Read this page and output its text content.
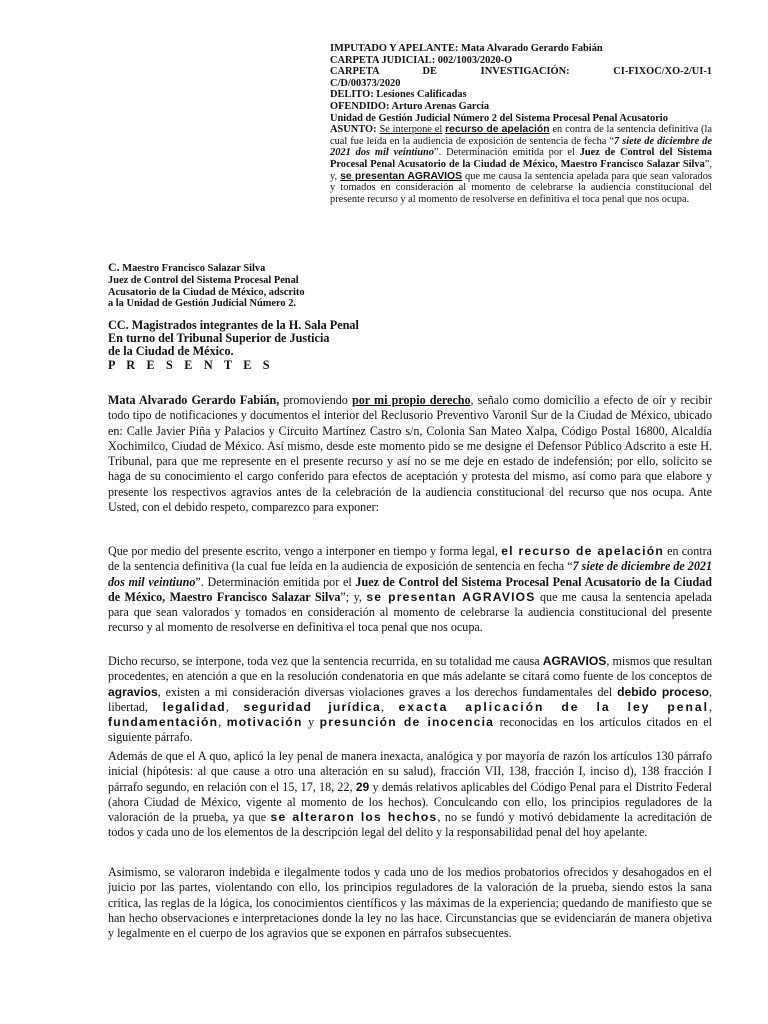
IMPUTADO Y APELANTE: Mata Alvarado Gerardo Fabián

CARPETA JUDICIAL: 002/1003/2020-O

CARPETA DE INVESTIGACIÓN:	CI-FIXOC/XO-2/UI-1

C/D/00373/2020

DELITO: Lesiones Calificadas

OFENDIDO: Arturo Arenas García

Unidad de Gestión Judicial Número 2 del Sistema Procesal Penal Acusatorio

ASUNTO: Se interpone el recurso de apelación en contra de la sentencia definitiva (la cual fue leída en la audiencia de exposición de sentencia de fecha “7 siete de diciembre de 2021 dos mil veintiuno”. Determinación emitida por el Juez de Control del Sistema Procesal Penal Acusatorio de la Ciudad de México, Maestro Francisco Salazar Silva”, y, se presentan AGRAVIOS que me causa la sentencia apelada para que sean valorados y tomados en consideración al momento de celebrarse la audiencia constitucional del presente recurso y al momento de resolverse en definitiva el toca penal que nos ocupa.

C. Maestro Francisco Salazar Silva

Juez de Control del Sistema Procesal Penal

Acusatorio de la Ciudad de México, adscrito

a la Unidad de Gestión Judicial Número 2.

CC. Magistrados integrantes de la H. Sala Penal

En turno del Tribunal Superior de Justicia

de la Ciudad de México.

P R E S E N T E S

Mata Alvarado Gerardo Fabián, promoviendo por mi propio derecho, señalo como domicilio a efecto de oír y recibir todo tipo de notificaciones y documentos el interior del Reclusorio Preventivo Varonil Sur de la Ciudad de México, ubicado en: Calle Javier Piña y Palacios y Circuito Martínez Castro s/n, Colonia San Mateo Xalpa, Código Postal 16800, Alcaldía Xochimilco, Ciudad de México. Así mismo, desde este momento pido se me designe el Defensor Público Adscrito a este H. Tribunal, para que me represente en el presente recurso y así no se me deje en estado de indefensión; por ello, solicito se haga de su conocimiento el cargo conferido para efectos de aceptación y protesta del mismo, así como para que elabore y presente los respectivos agravios antes de la celebración de la audiencia constitucional del recurso que nos ocupa. Ante Usted, con el debido respeto, comparezco para exponer:

Que por medio del presente escrito, vengo a interponer en tiempo y forma legal, el recurso de apelación en contra de la sentencia definitiva (la cual fue leída en la audiencia de exposición de sentencia en fecha “7 siete de diciembre de 2021 dos mil veintiuno”. Determinación emitida por el Juez de Control del Sistema Procesal Penal Acusatorio de la Ciudad de México, Maestro Francisco Salazar Silva”; y, se presentan AGRAVIOS que me causa la sentencia apelada para que sean valorados y tomados en consideración al momento de celebrarse la audiencia constitucional del presente recurso y al momento de resolverse en definitiva el toca penal que nos ocupa.

Dicho recurso, se interpone, toda vez que la sentencia recurrida, en su totalidad me causa AGRAVIOS, mismos que resultan procedentes, en atención a que en la resolución condenatoria en que más adelante se citará como fuente de los conceptos de agravios, existen a mi consideración diversas violaciones graves a los derechos fundamentales del debido proceso, libertad, legalidad, seguridad jurídica, exacta aplicación de la ley penal, fundamentación, motivación y presunción de inocencia reconocidas en los artículos citados en el siguiente párrafo.

Además de que el A quo, aplicó la ley penal de manera inexacta, analógica y por mayoría de razón los artículos 130 párrafo inicial (hipótesis: al que cause a otro una alteración en su salud), fracción VII, 138, fracción I, inciso d), 138 fracción I párrafo segundo, en relación con el 15, 17, 18, 22, 29 y demás relativos aplicables del Código Penal para el Distrito Federal (ahora Ciudad de México, vigente al momento de los hechos). Conculcando con ello, los principios reguladores de la valoración de la prueba, ya que se alteraron los hechos, no se fundó y motivó debidamente la acreditación de todos y cada uno de los elementos de la descripción legal del delito y la responsabilidad penal del hoy apelante.

Asimismo, se valoraron indebida e ilegalmente todos y cada uno de los medios probatorios ofrecidos y desahogados en el juicio por las partes, violentando con ello, los principios reguladores de la valoración de la prueba, siendo estos la sana crítica, las reglas de la lógica, los conocimientos científicos y las máximas de la experiencia; quedando de manifiesto que se han hecho observaciones e interpretaciones donde la ley no las hace. Circunstancias que se evidenciarán de manera objetiva y legalmente en el cuerpo de los agravios que se exponen en párrafos subsecuentes.
